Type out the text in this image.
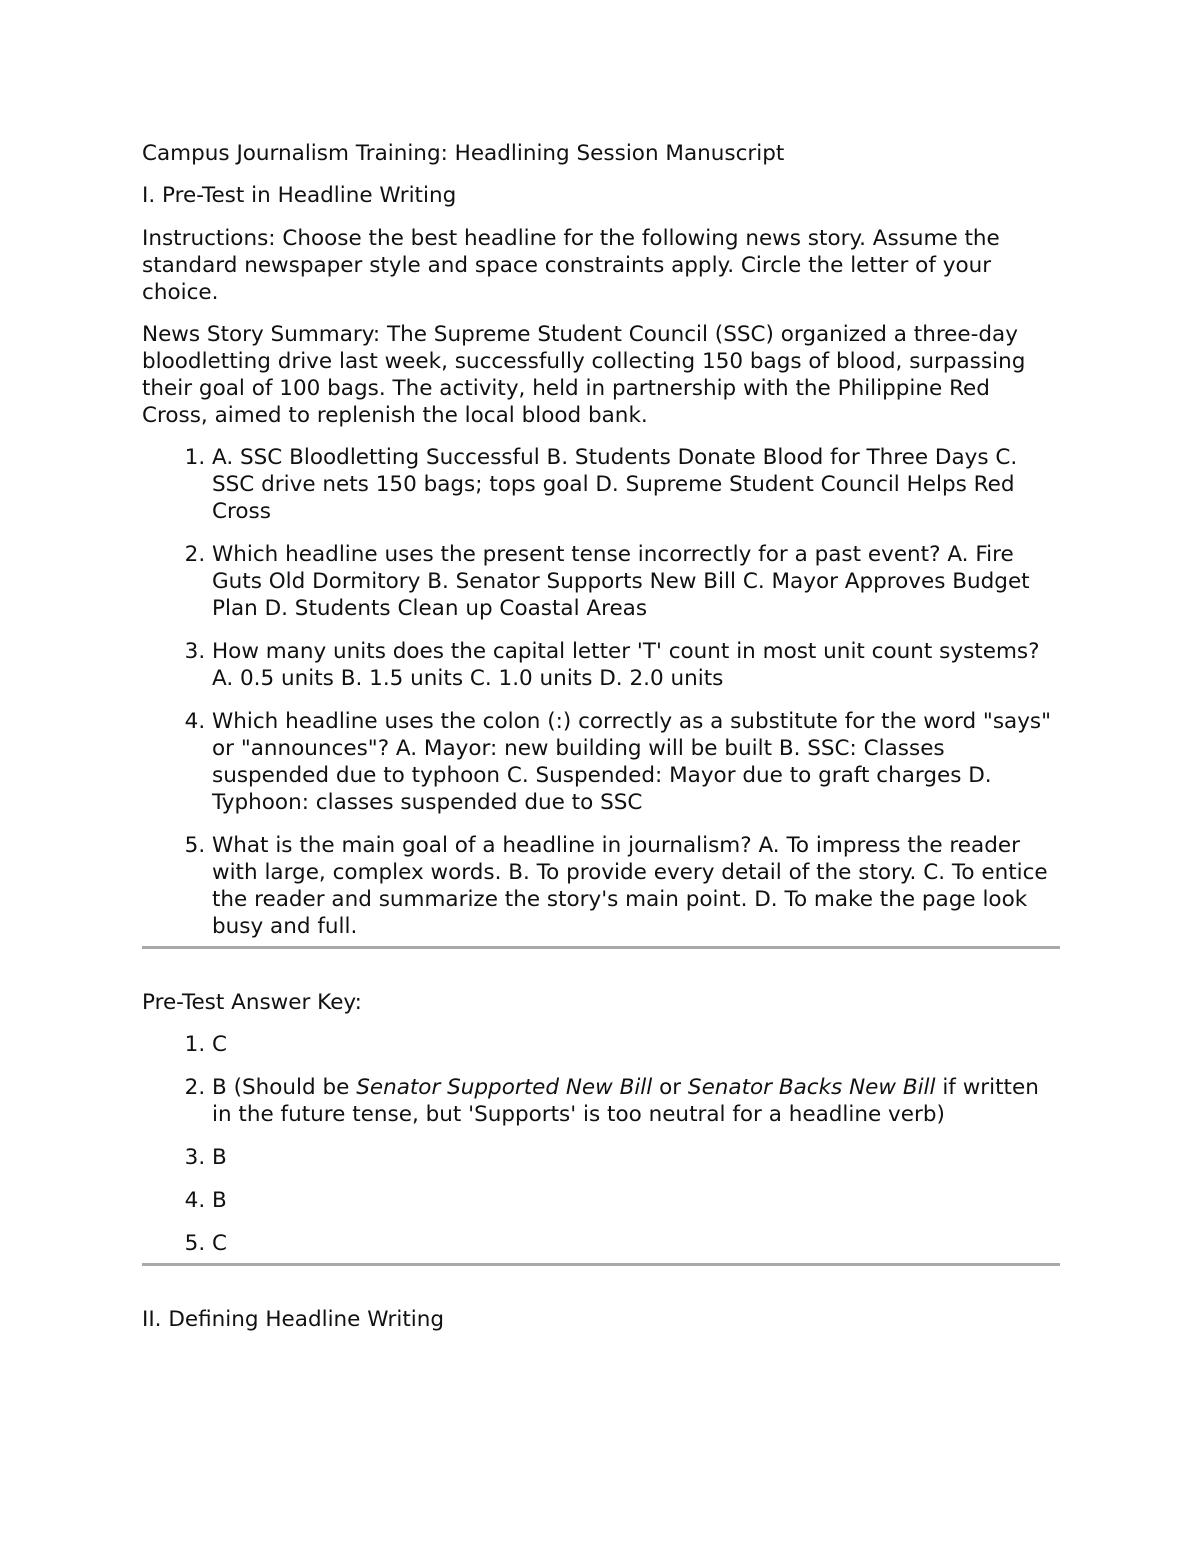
Campus Journalism Training: Headlining Session Manuscript

I. Pre-Test in Headline Writing

Instructions: Choose the best headline for the following news story. Assume the standard newspaper style and space constraints apply. Circle the letter of your choice.

News Story Summary: The Supreme Student Council (SSC) organized a three-day bloodletting drive last week, successfully collecting 150 bags of blood, surpassing their goal of 100 bags. The activity, held in partnership with the Philippine Red Cross, aimed to replenish the local blood bank.

1. A. SSC Bloodletting Successful B. Students Donate Blood for Three Days C. SSC drive nets 150 bags; tops goal D. Supreme Student Council Helps Red Cross
2. Which headline uses the present tense incorrectly for a past event? A. Fire Guts Old Dormitory B. Senator Supports New Bill C. Mayor Approves Budget Plan D. Students Clean up Coastal Areas
3. How many units does the capital letter 'T' count in most unit count systems? A. 0.5 units B. 1.5 units C. 1.0 units D. 2.0 units
4. Which headline uses the colon (:) correctly as a substitute for the word "says" or "announces"? A. Mayor: new building will be built B. SSC: Classes suspended due to typhoon C. Suspended: Mayor due to graft charges D. Typhoon: classes suspended due to SSC
5. What is the main goal of a headline in journalism? A. To impress the reader with large, complex words. B. To provide every detail of the story. C. To entice the reader and summarize the story's main point. D. To make the page look busy and full.

Pre-Test Answer Key:

1. C
2. B (Should be Senator Supported New Bill or Senator Backs New Bill if written in the future tense, but 'Supports' is too neutral for a headline verb)
3. B
4. B
5. C

II. Defining Headline Writing
